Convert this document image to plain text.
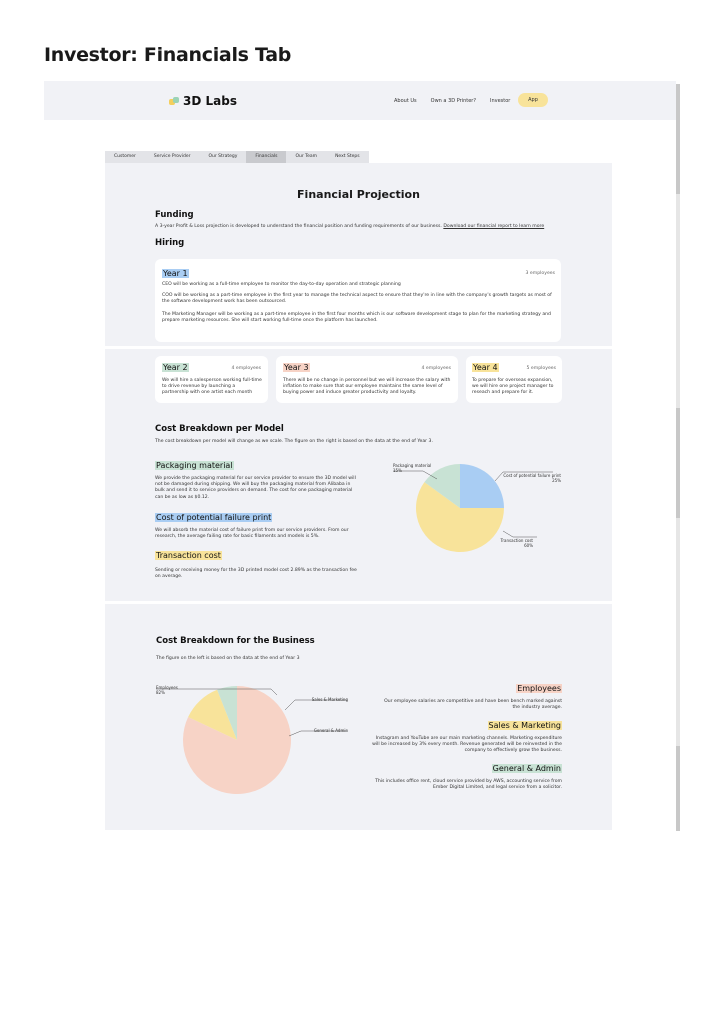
Investor: Financials Tab
3D Labs	About Us	Own a 3D Printer?	Investor	App
Customer	Service Provider	Our Strategy	Financials	Our Team	Next Steps
Financial Projection
Funding
A 3-year Profit & Loss projection is developed to understand the financial position and funding requirements of our business. Download our financial report to learn more
Hiring
Year 1	3 employees
CEO will be working as a full-time employee to monitor the day-to-day operation and strategic planning
COO will be working as a part-time employee in the first year to manage the technical aspect to ensure that they're in line with the company's growth targets as most of the software development work has been outsourced.
The Marketing Manager will be working as a part-time employee in the first four months which is our software development stage to plan for the marketing strategy and prepare marketing resources. She will start working full-time once the platform has launched.
Year 2	4 employees
We will hire a salesperson working full-time to drive revenue by launching a partnership with one artist each month
Year 3	4 employees
There will be no change in personnel but we will increase the salary with inflation to make sure that our employee maintains the same level of buying power and induce greater productivity and loyalty.
Year 4	5 employees
To prepare for overseas expansion, we will hire one project manager to reseach and prepare for it.
Cost Breakdown per Model
The cost breakdown per model will change as we scale. The figure on the right is based on the data at the end of Year 3.
Packaging material
We provide the packaging material for our service provider to ensure the 3D model will not be damaged during shipping. We will buy the packaging material from Alibaba in bulk and send it to service providers on demand. The cost for one packaging material can be as low as $0.12.
Cost of potential failure print
We will absorb the material cost of failure print from our service providers. From our research, the average failing rate for basic filaments and models is 5%.
Transaction cost
Sending or receiving money for the 3D printed model cost 2.89% as the transaction fee on average.
Packaging material
15%
Cost of potential failure print
25%
Transaction cost
60%
Cost Breakdown for the Business
The figure on the left is based on the data at the end of Year 3
Employees
82%
Sales & Marketing
General & Admin
Employees
Our employee salaries are competitive and have been bench marked against the industry average.
Sales & Marketing
Instagram and YouTube are our main marketing channels. Marketing expenditure will be increased by 3% every month. Revenue generated will be reinvested in the company to effectively grow the business.
General & Admin
This includes office rent, cloud service provided by AWS, accounting service from Ember Digital Limited, and legal service from a solicitor.
